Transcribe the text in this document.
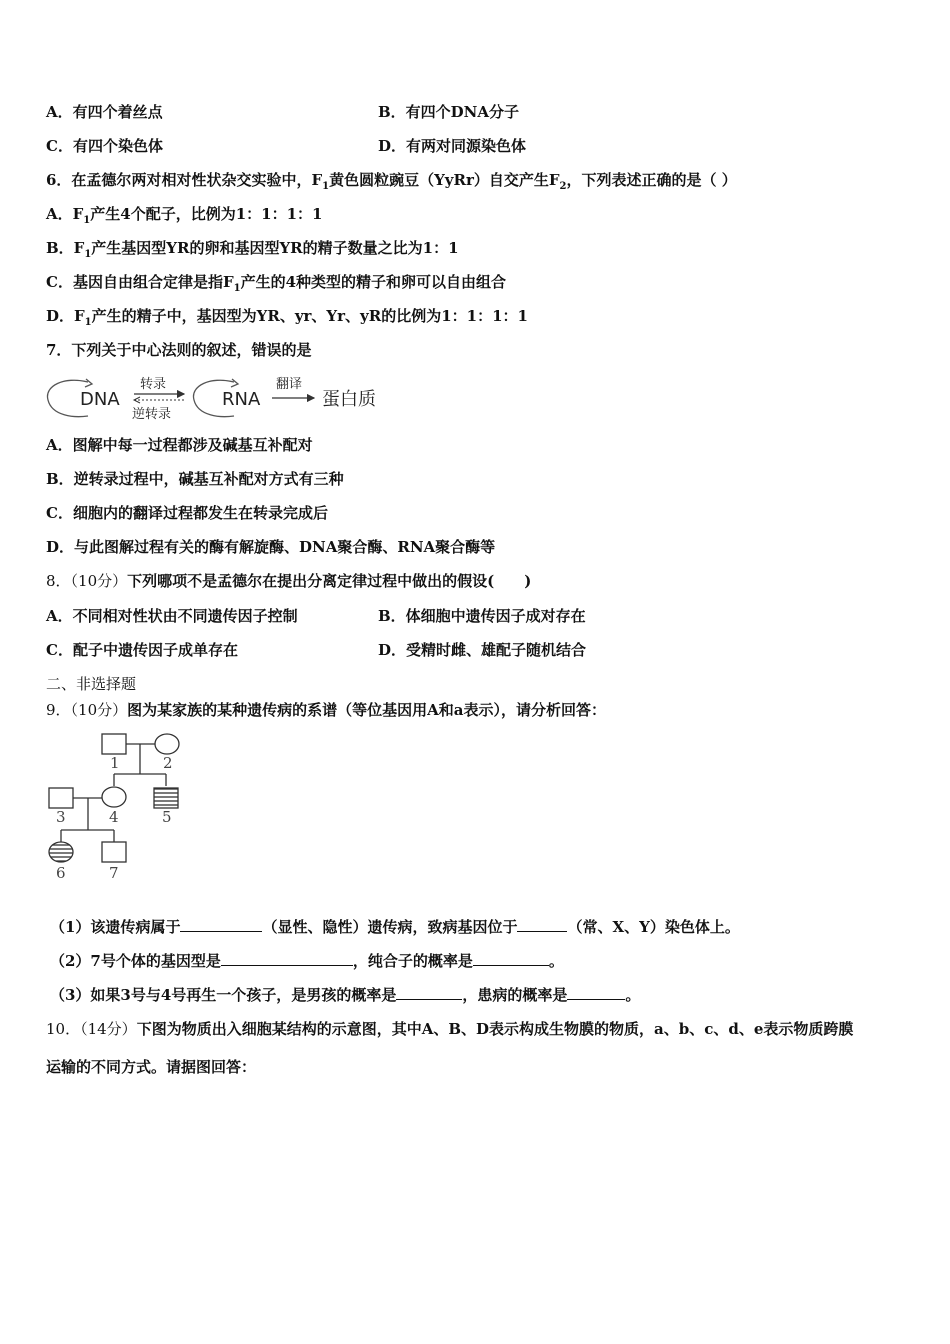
A．有四个着丝点	B．有四个DNA分子
C．有四个染色体	D．有两对同源染色体
6．在孟德尔两对相对性状杂交实验中，$F_1$黄色圆粒豌豆（YyRr）自交产生$F_2$，下列表述正确的是（ ）
A．$F_1$产生4个配子，比例为1：1：1：1
B．$F_1$产生基因型YR的卵和基因型YR的精子数量之比为1：1
C．基因自由组合定律是指$F_1$产生的4种类型的精子和卵可以自由组合
D．$F_1$产生的精子中，基因型为YR、yr、Yr、yR的比例为1：1：1：1
7．下列关于中心法则的叙述，错误的是
DNA
转录
逆转录
RNA
翻译
蛋白质
A．图解中每一过程都涉及碱基互补配对
B．逆转录过程中，碱基互补配对方式有三种
C．细胞内的翻译过程都发生在转录完成后
D．与此图解过程有关的酶有解旋酶、DNA聚合酶、RNA聚合酶等
8．（10分）下列哪项不是孟德尔在提出分离定律过程中做出的假设(　　)
A．不同相对性状由不同遗传因子控制	B．体细胞中遗传因子成对存在
C．配子中遗传因子成单存在	D．受精时雌、雄配子随机结合
二、非选择题
9．（10分）图为某家族的某种遗传病的系谱（等位基因用A和a表示），请分析回答：
1	2
3	4	5
6	7
（1）该遗传病属于	（显性、隐性）遗传病，致病基因位于	（常、X、Y）染色体上。
（2）7号个体的基因型是	，纯合子的概率是	。
（3）如果3号与4号再生一个孩子，是男孩的概率是	，患病的概率是	。
10．（14分）下图为物质出入细胞某结构的示意图，其中A、B、D表示构成生物膜的物质，a、b、c、d、e表示物质跨膜
运输的不同方式。请据图回答：
